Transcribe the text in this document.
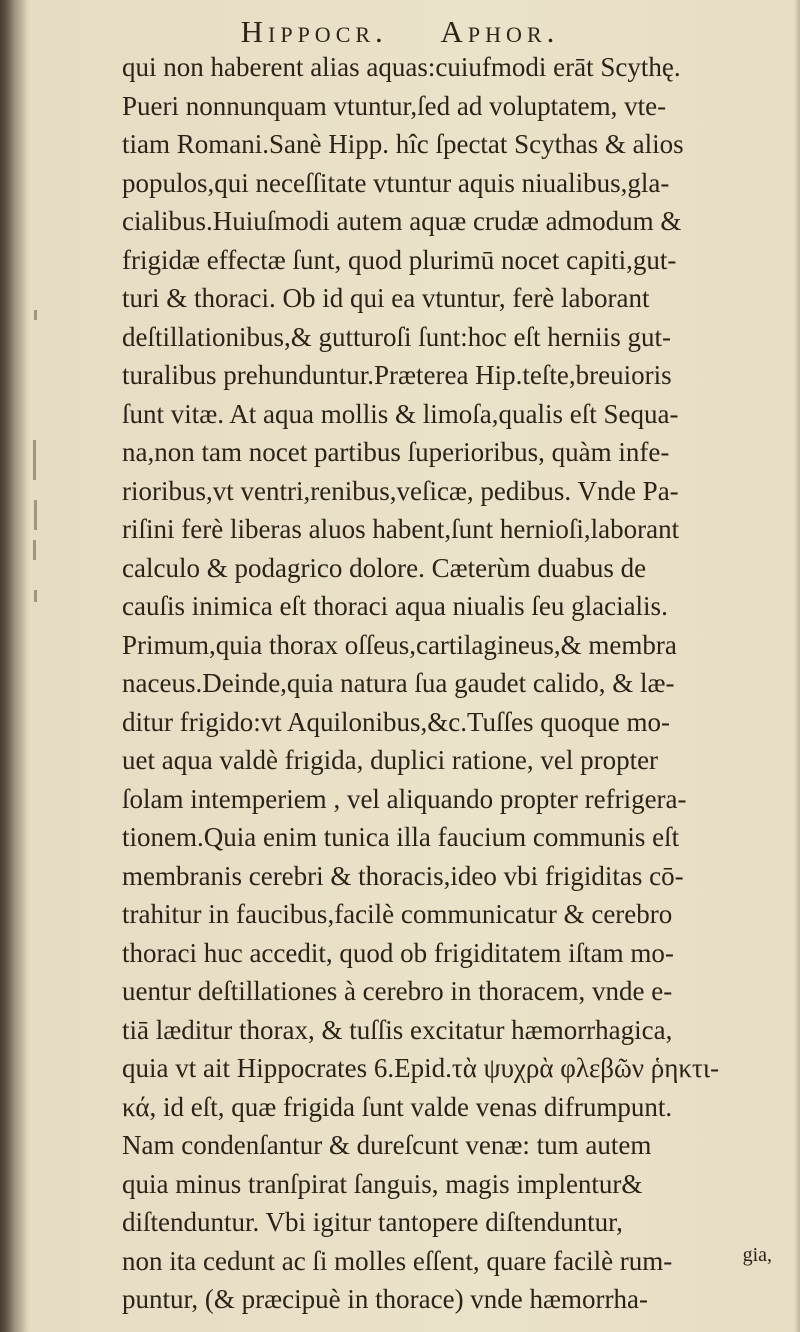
Hippocr. Aphor.
qui non haberent alias aquas:cuiufmodi erāt Scythę.
Pueri nonnunquam vtuntur,ſed ad voluptatem, vte-
tiam Romani.Sanè Hipp. hîc ſpectat Scythas & alios
populos,qui neceſſitate vtuntur aquis niualibus,gla-
cialibus.Huiuſmodi autem aquæ crudæ admodum &
frigidæ effectæ ſunt, quod plurimū nocet capiti,gut-
turi & thoraci. Ob id qui ea vtuntur, ferè laborant
deſtillationibus,& gutturoſi ſunt:hoc eſt herniis gut-
turalibus prehunduntur.Prætereа Hip.teſte,breuioris
ſunt vitæ. At aqua mollis & limoſa,qualis eſt Sequa-
na,non tam nocet partibus ſuperioribus, quàm infe-
rioribus,vt ventri,renibus,veſicæ, pedibus. Vnde Pa-
riſini ferè liberas aluos habent,ſunt hernioſi,laborant
calculo & podagrico dolore. Cæterùm duabus de
cauſis inimica eſt thoraci aqua niualis ſeu glacialis.
Primum,quia thorax oſſeus,cartilagineus,& membra
naceus.Deinde,quia natura ſua gaudet calido, & læ-
ditur frigido:vt Aquilonibus,&c.Tuſſes quoque mo-
uet aqua valdè frigida, duplici ratione, vel propter
ſolam intemperiem , vel aliquando propter refrigera-
tionem.Quia enim tunica illa faucium communis eſt
membranis cerebri & thoracis,ideo vbi frigiditas cō-
trahitur in faucibus,facilè communicatur & cerebro
thoraci huc accedit, quod ob frigiditatem iſtam mo-
uentur deſtillationes à cerebro in thoracem, vnde e-
tiā læditur thorax, & tuſſis excitatur hæmorrhagica,
quia vt ait Hippocrates 6.Epid.τὰ ψυχρὰ φλεβῶν ῥηκτι-
κά, id eſt, quæ frigida ſunt valde venas difrumpunt.
Nam condenſantur & dureſcunt venæ: tum autem
quia minus tranſpirat ſanguis, magis implentur&
diſtenduntur. Vbi igitur tantopere diſtenduntur,
non ita cedunt ac ſi molles eſſent, quare facilè rum-
puntur, (& præcipuè in thorace) vnde hæmorrha-
gia,
